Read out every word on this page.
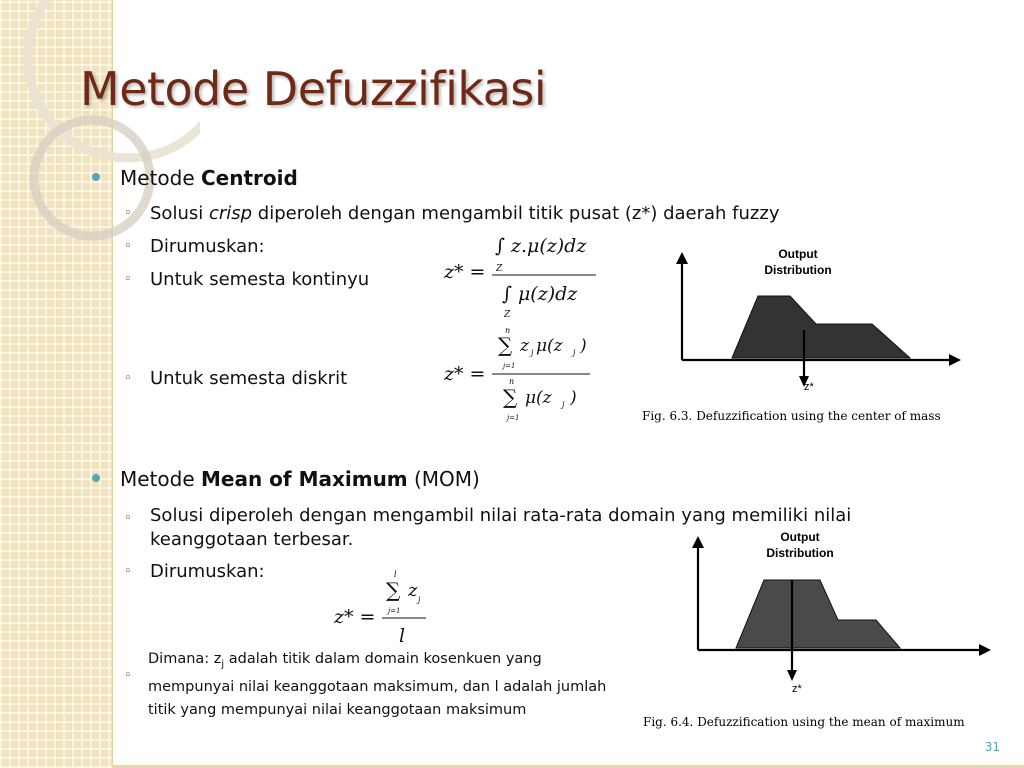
Metode Defuzzifikasi
Metode Centroid
◦ Solusi crisp diperoleh dengan mengambil titik pusat (z*) daerah fuzzy
◦ Dirumuskan:
◦ Untuk semesta kontinyu
◦ Untuk semesta diskrit
z* =
∫ z.μ(z)dz
Z
∫ μ(z)dz
Z
z* =
n
∑ z j μ(z j )
j=1
n
∑ μ(z j )
j=1
Output
Distribution
z*
Fig. 6.3. Defuzzification using the center of mass
Metode Mean of Maximum (MOM)
◦ Solusi diperoleh dengan mengambil nilai rata-rata domain yang memiliki nilai
keanggotaan terbesar.
◦ Dirumuskan:
z* =
l
∑ z j
j=1
l
◦
Dimana: $z_j$ adalah titik dalam domain kosenkuen yang
mempunyai nilai keanggotaan maksimum, dan l adalah jumlah
titik yang mempunyai nilai keanggotaan maksimum
Output
Distribution
z*
Fig. 6.4. Defuzzification using the mean of maximum
31
